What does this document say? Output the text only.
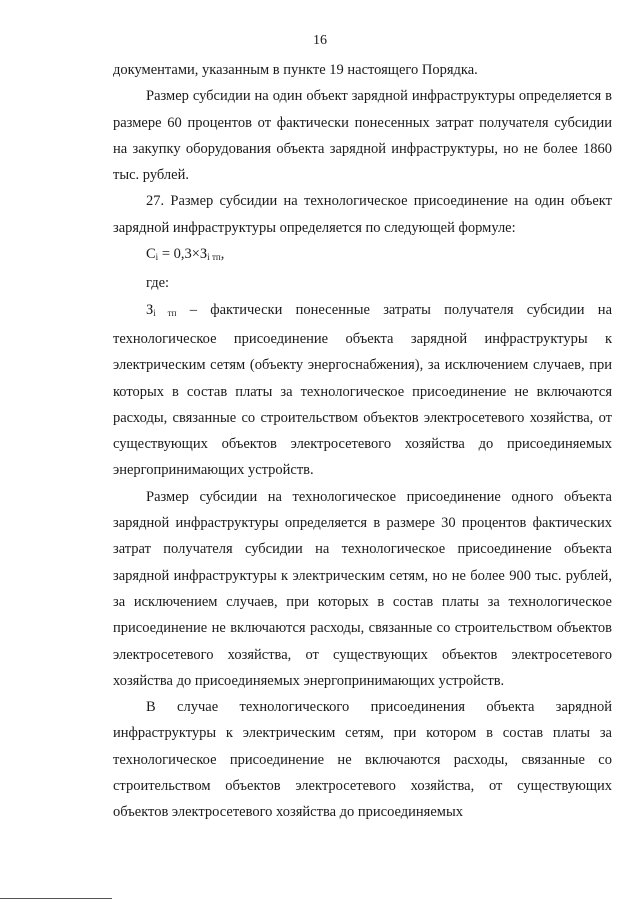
16

документами, указанным в пункте 19 настоящего Порядка.

Размер субсидии на один объект зарядной инфраструктуры определяется в размере 60 процентов от фактически понесенных затрат получателя субсидии на закупку оборудования объекта зарядной инфраструктуры, но не более 1860 тыс. рублей.

27. Размер субсидии на технологическое присоединение на один объект зарядной инфраструктуры определяется по следующей формуле:

$С_i = 0,3\times З_{i тп}$,

где:

$З_{i тп}$ – фактически понесенные затраты получателя субсидии на технологическое присоединение объекта зарядной инфраструктуры к электрическим сетям (объекту энергоснабжения), за исключением случаев, при которых в состав платы за технологическое присоединение не включаются расходы, связанные со строительством объектов электросетевого хозяйства, от существующих объектов электросетевого хозяйства до присоединяемых энергопринимающих устройств.

Размер субсидии на технологическое присоединение одного объекта зарядной инфраструктуры определяется в размере 30 процентов фактических затрат получателя субсидии на технологическое присоединение объекта зарядной инфраструктуры к электрическим сетям, но не более 900 тыс. рублей, за исключением случаев, при которых в состав платы за технологическое присоединение не включаются расходы, связанные со строительством объектов электросетевого хозяйства, от существующих объектов электросетевого хозяйства до присоединяемых энергопринимающих устройств.

В случае технологического присоединения объекта зарядной инфраструктуры к электрическим сетям, при котором в состав платы за технологическое присоединение не включаются расходы, связанные со строительством объектов электросетевого хозяйства, от существующих объектов электросетевого хозяйства до присоединяемых
